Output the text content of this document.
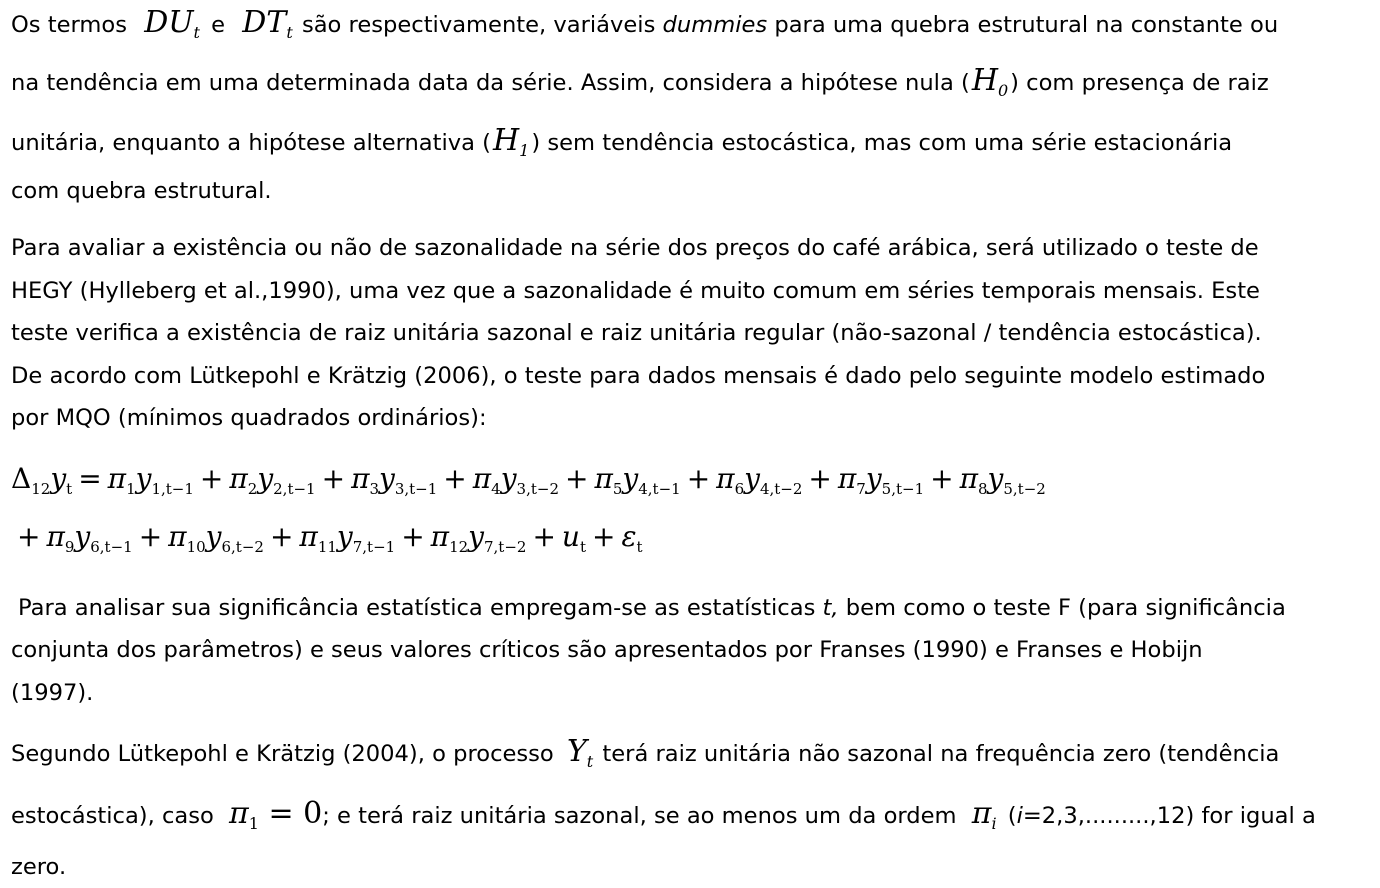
Os termos $DU_t$ e $DT_t$ são respectivamente, variáveis dummies para uma quebra estrutural na constante ou
na tendência em uma determinada data da série. Assim, considera a hipótese nula $(H_0)$ com presença de raiz
unitária, enquanto a hipótese alternativa $(H_1)$ sem tendência estocástica, mas com uma série estacionária
com quebra estrutural.
Para avaliar a existência ou não de sazonalidade na série dos preços do café arábica, será utilizado o teste de
HEGY (Hylleberg et al.,1990), uma vez que a sazonalidade é muito comum em séries temporais mensais. Este
teste verifica a existência de raiz unitária sazonal e raiz unitária regular (não-sazonal / tendência estocástica).
De acordo com Lütkepohl e Krätzig (2006), o teste para dados mensais é dado pelo seguinte modelo estimado
por MQO (mínimos quadrados ordinários):
$\Delta_{12}y_t = \pi_1y_{1,t-1} + \pi_2y_{2,t-1} + \pi_3y_{3,t-1} + \pi_4y_{3,t-2} + \pi_5y_{4,t-1} + \pi_6y_{4,t-2} + \pi_7y_{5,t-1} + \pi_8y_{5,t-2}$
+ $\pi_9y_{6,t-1} + \pi_{10}y_{6,t-2} + \pi_{11}y_{7,t-1} + \pi_{12}y_{7,t-2} + u_t + \varepsilon_t$
Para analisar sua significância estatística empregam-se as estatísticas t, bem como o teste F (para significância
conjunta dos parâmetros) e seus valores críticos são apresentados por Franses (1990) e Franses e Hobijn
(1997).
Segundo Lütkepohl e Krätzig (2004), o processo $Y_t$ terá raiz unitária não sazonal na frequência zero (tendência
estocástica), caso $\pi_1 = 0$; e terá raiz unitária sazonal, se ao menos um da ordem $\pi_i$ (i=2,3,.........,12) for igual a
zero.
